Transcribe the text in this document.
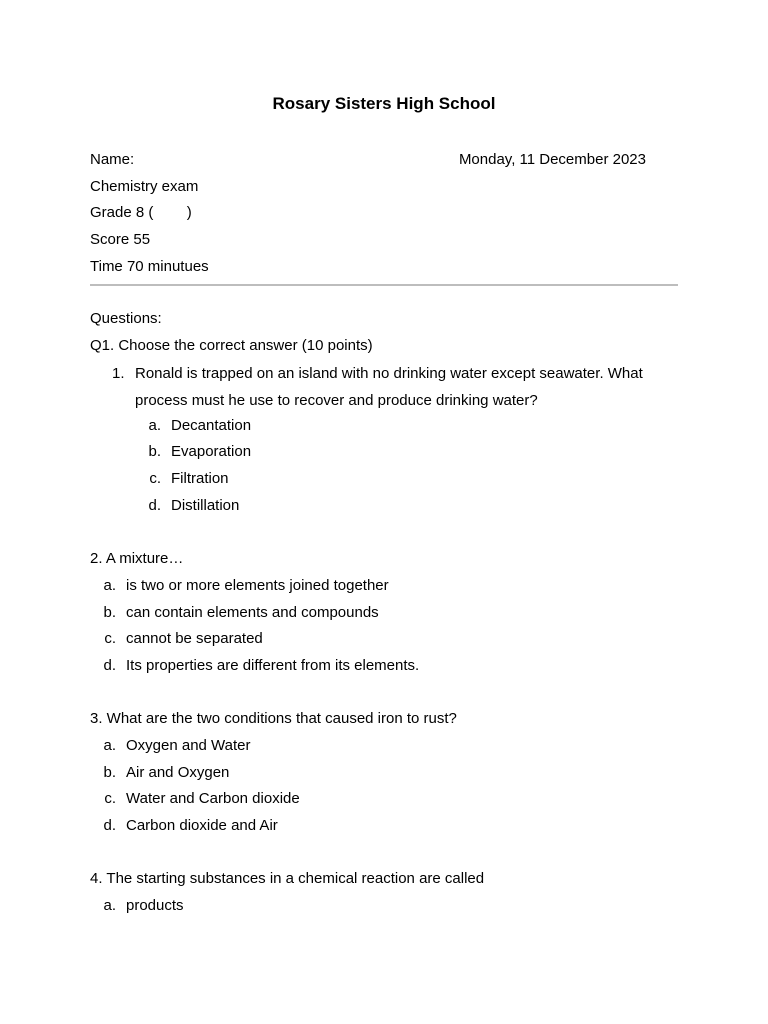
Rosary Sisters High School
Name:	Monday, 11 December 2023
Chemistry exam
Grade 8 (        )
Score 55
Time 70 minutues
Questions:
Q1. Choose the correct answer (10 points)
1. Ronald is trapped on an island with no drinking water except seawater. What process must he use to recover and produce drinking water?
a. Decantation
b. Evaporation
c. Filtration
d. Distillation
2. A mixture…
a. is two or more elements joined together
b. can contain elements and compounds
c. cannot be separated
d. Its properties are different from its elements.
3. What are the two conditions that caused iron to rust?
a. Oxygen and Water
b. Air and Oxygen
c. Water and Carbon dioxide
d. Carbon dioxide and Air
4. The starting substances in a chemical reaction are called
a. products
